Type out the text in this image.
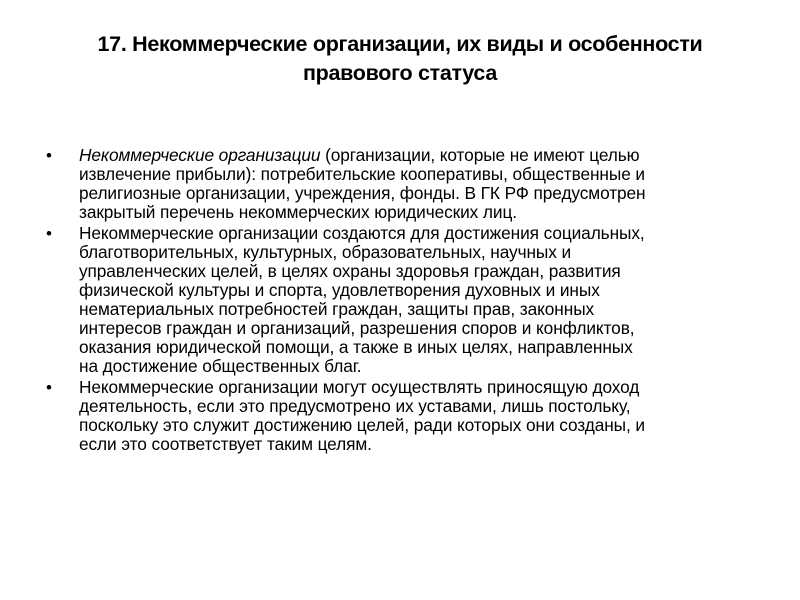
17. Некоммерческие организации, их виды и особенности
правового статуса
• Некоммерческие организации (организации, которые не имеют целью
извлечение прибыли): потребительские кооперативы, общественные и
религиозные организации, учреждения, фонды. В ГК РФ предусмотрен
закрытый перечень некоммерческих юридических лиц.
• Некоммерческие организации создаются для достижения социальных,
благотворительных, культурных, образовательных, научных и
управленческих целей, в целях охраны здоровья граждан, развития
физической культуры и спорта, удовлетворения духовных и иных
нематериальных потребностей граждан, защиты прав, законных
интересов граждан и организаций, разрешения споров и конфликтов,
оказания юридической помощи, а также в иных целях, направленных
на достижение общественных благ.
• Некоммерческие организации могут осуществлять приносящую доход
деятельность, если это предусмотрено их уставами, лишь постольку,
поскольку это служит достижению целей, ради которых они созданы, и
если это соответствует таким целям.
